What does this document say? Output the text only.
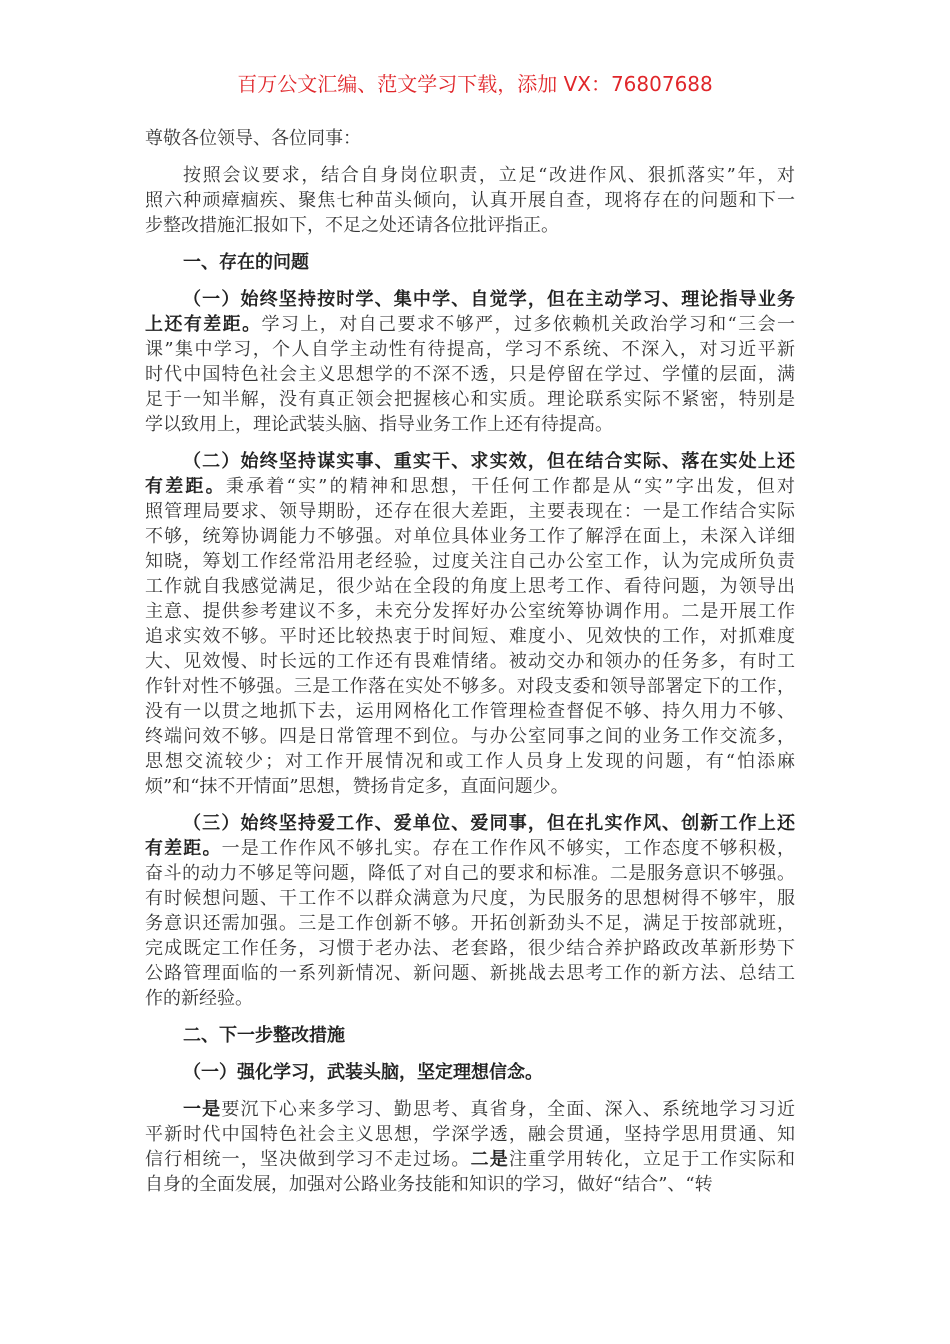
百万公文汇编、范文学习下载，添加 VX：76807688
尊敬各位领导、各位同事：
按照会议要求，结合自身岗位职责，立足“改进作风、狠抓落实”年，对
照六种顽瘴痼疾、聚焦七种苗头倾向，认真开展自查，现将存在的问题和下一
步整改措施汇报如下，不足之处还请各位批评指正。
一、存在的问题
（一）始终坚持按时学、集中学、自觉学，但在主动学习、理论指导业务
上还有差距。学习上，对自己要求不够严，过多依赖机关政治学习和“三会一
课”集中学习，个人自学主动性有待提高，学习不系统、不深入，对习近平新
时代中国特色社会主义思想学的不深不透，只是停留在学过、学懂的层面，满
足于一知半解，没有真正领会把握核心和实质。理论联系实际不紧密，特别是
学以致用上，理论武装头脑、指导业务工作上还有待提高。
（二）始终坚持谋实事、重实干、求实效，但在结合实际、落在实处上还
有差距。秉承着“实”的精神和思想，干任何工作都是从“实”字出发，但对
照管理局要求、领导期盼，还存在很大差距，主要表现在：一是工作结合实际
不够，统筹协调能力不够强。对单位具体业务工作了解浮在面上，未深入详细
知晓，筹划工作经常沿用老经验，过度关注自己办公室工作，认为完成所负责
工作就自我感觉满足，很少站在全段的角度上思考工作、看待问题，为领导出
主意、提供参考建议不多，未充分发挥好办公室统筹协调作用。二是开展工作
追求实效不够。平时还比较热衷于时间短、难度小、见效快的工作，对抓难度
大、见效慢、时长远的工作还有畏难情绪。被动交办和领办的任务多，有时工
作针对性不够强。三是工作落在实处不够多。对段支委和领导部署定下的工作，
没有一以贯之地抓下去，运用网格化工作管理检查督促不够、持久用力不够、
终端问效不够。四是日常管理不到位。与办公室同事之间的业务工作交流多，
思想交流较少；对工作开展情况和或工作人员身上发现的问题，有“怕添麻
烦”和“抹不开情面”思想，赞扬肯定多，直面问题少。
（三）始终坚持爱工作、爱单位、爱同事，但在扎实作风、创新工作上还
有差距。一是工作作风不够扎实。存在工作作风不够实，工作态度不够积极，
奋斗的动力不够足等问题，降低了对自己的要求和标准。二是服务意识不够强。
有时候想问题、干工作不以群众满意为尺度，为民服务的思想树得不够牢，服
务意识还需加强。三是工作创新不够。开拓创新劲头不足，满足于按部就班，
完成既定工作任务，习惯于老办法、老套路，很少结合养护路政改革新形势下
公路管理面临的一系列新情况、新问题、新挑战去思考工作的新方法、总结工
作的新经验。
二、下一步整改措施
（一）强化学习，武装头脑，坚定理想信念。
一是要沉下心来多学习、勤思考、真省身，全面、深入、系统地学习习近
平新时代中国特色社会主义思想，学深学透，融会贯通，坚持学思用贯通、知
信行相统一，坚决做到学习不走过场。二是注重学用转化，立足于工作实际和
自身的全面发展，加强对公路业务技能和知识的学习，做好“结合”、“转
